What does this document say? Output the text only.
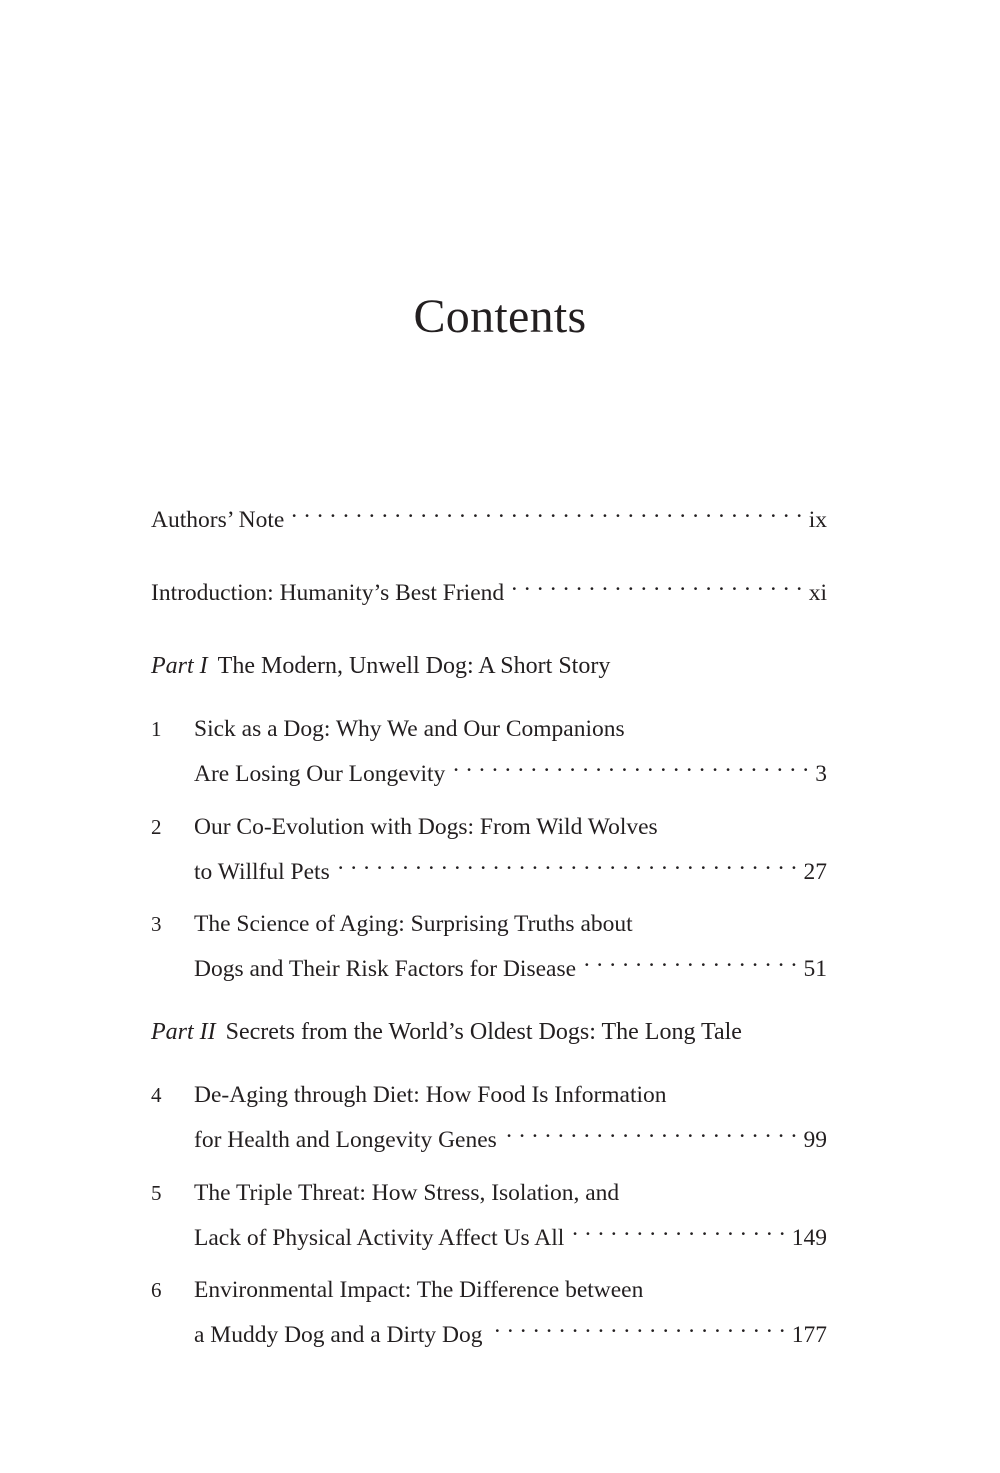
Contents
Authors’ Note . . .	ix
Introduction: Humanity’s Best Friend . . .	xi
Part I The Modern, Unwell Dog: A Short Story
1 Sick as a Dog: Why We and Our Companions
Are Losing Our Longevity . . .	3
2 Our Co-Evolution with Dogs: From Wild Wolves
to Willful Pets . . .	27
3 The Science of Aging: Surprising Truths about
Dogs and Their Risk Factors for Disease . . .	51
Part II Secrets from the World’s Oldest Dogs: The Long Tale
4 De-Aging through Diet: How Food Is Information
for Health and Longevity Genes . . .	99
5 The Triple Threat: How Stress, Isolation, and
Lack of Physical Activity Affect Us All . . .	149
6 Environmental Impact: The Difference between
a Muddy Dog and a Dirty Dog . . .	177
